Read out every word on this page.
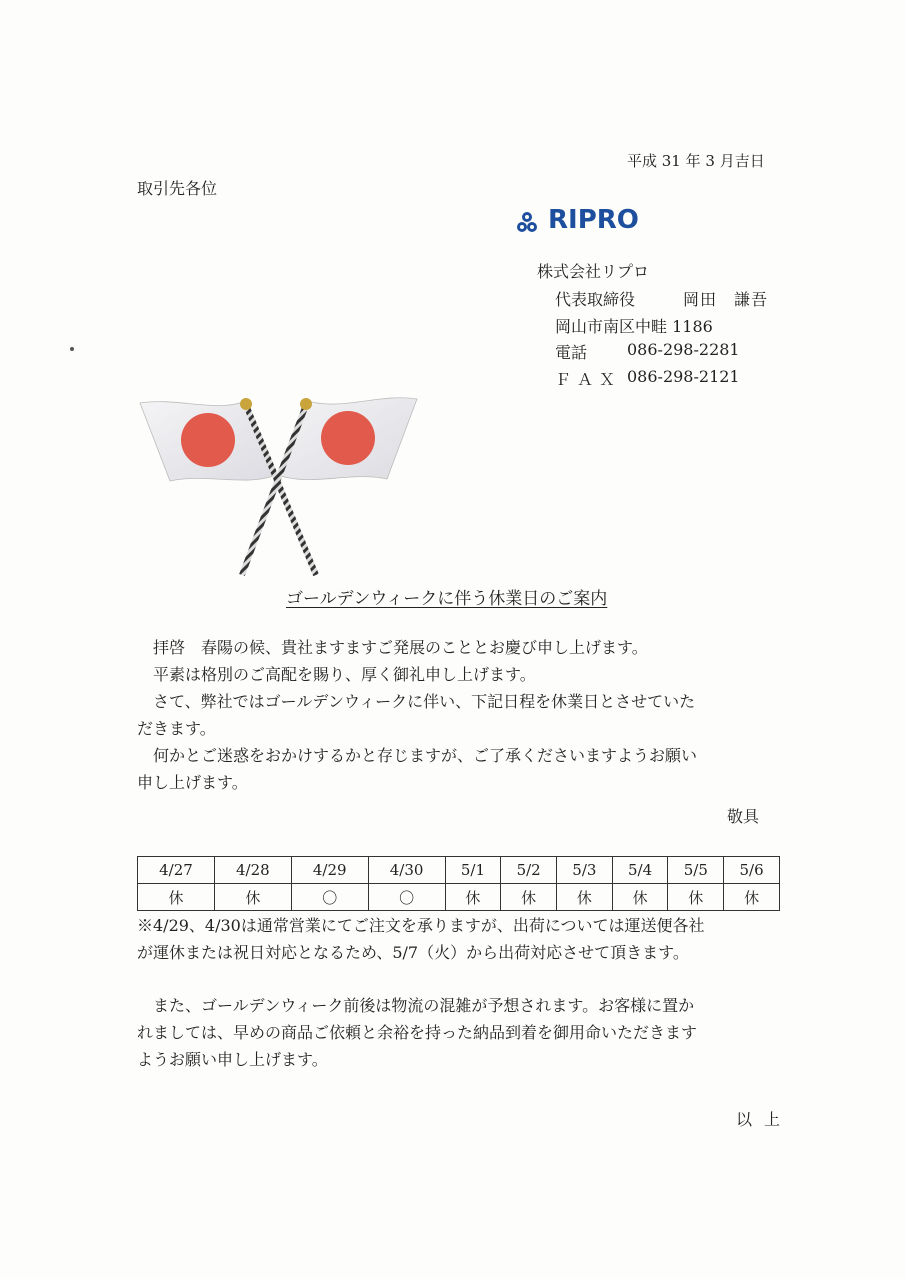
平成 31 年 3 月吉日
取引先各位
RIPRO
株式会社リプロ
代表取締役	岡田　謙吾
岡山市南区中畦 1186
電話 086-298-2281
ＦＡＸ 086-298-2121
ゴールデンウィークに伴う休業日のご案内
　拝啓　春陽の候、貴社ますますご発展のこととお慶び申し上げます。
　平素は格別のご高配を賜り、厚く御礼申し上げます。
　さて、弊社ではゴールデンウィークに伴い、下記日程を休業日とさせていた
だきます。
　何かとご迷惑をおかけするかと存じますが、ご了承くださいますようお願い
申し上げます。
敬具
4/27	4/28	4/29	4/30	5/1	5/2	5/3	5/4	5/5	5/6
休	休	〇	〇	休	休	休	休	休	休
※4/29、4/30は通常営業にてご注文を承りますが、出荷については運送便各社
が運休または祝日対応となるため、5/7（火）から出荷対応させて頂きます。
　また、ゴールデンウィーク前後は物流の混雑が予想されます。お客様に置か
れましては、早めの商品ご依頼と余裕を持った納品到着を御用命いただきます
ようお願い申し上げます。
以上
